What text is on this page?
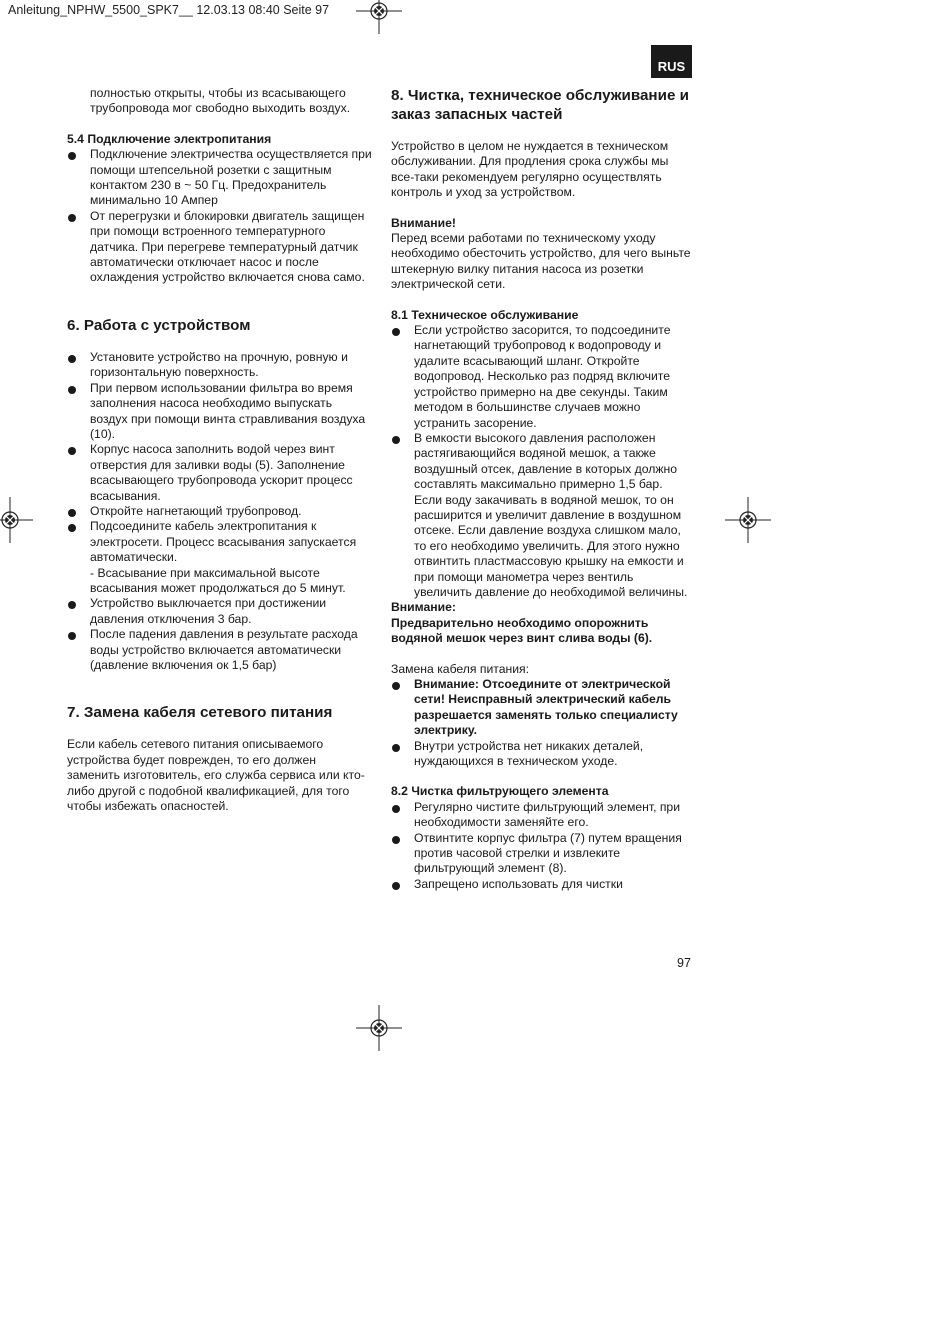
Anleitung_NPHW_5500_SPK7__ 12.03.13 08:40 Seite 97
RUS

полностью открыты, чтобы из всасывающего трубопровода мог свободно выходить воздух.

5.4 Подключение электропитания

Подключение электричества осуществляется при помощи штепсельной розетки с защитным контактом 230 в ~ 50 Гц. Предохранитель минимально 10 Ампер
От перегрузки и блокировки двигатель защищен при помощи встроенного температурного датчика. При перегреве температурный датчик автоматически отключает насос и после охлаждения устройство включается снова само.

6. Работа с устройством

Установите устройство на прочную, ровную и горизонтальную поверхность.
При первом использовании фильтра во время заполнения насоса необходимо выпускать воздух при помощи винта стравливания воздуха (10).
Корпус насоса заполнить водой через винт отверстия для заливки воды (5). Заполнение всасывающего трубопровода ускорит процесс всасывания.
Откройте нагнетающий трубопровод.
Подсоедините кабель электропитания к электросети. Процесс всасывания запускается автоматически.
- Всасывание при максимальной высоте всасывания может продолжаться до 5 минут.
Устройство выключается при достижении давления отключения 3 бар.
После падения давления в результате расхода воды устройство включается автоматически (давление включения ок 1,5 бар)

7. Замена кабеля сетевого питания

Если кабель сетевого питания описываемого устройства будет поврежден, то его должен заменить изготовитель, его служба сервиса или кто-либо другой с подобной квалификацией, для того чтобы избежать опасностей.

8. Чистка, техническое обслуживание и заказ запасных частей

Устройство в целом не нуждается в техническом обслуживании. Для продления срока службы мы все-таки рекомендуем регулярно осуществлять контроль и уход за устройством.

Внимание!

Перед всеми работами по техническому уходу необходимо обесточить устройство, для чего выньте штекерную вилку питания насоса из розетки электрической сети.

8.1 Техническое обслуживание

Если устройство засорится, то подсоедините нагнетающий трубопровод к водопроводу и удалите всасывающий шланг. Откройте водопровод. Несколько раз подряд включите устройство примерно на две секунды. Таким методом в большинстве случаев можно устранить засорение.
В емкости высокого давления расположен растягивающийся водяной мешок, а также воздушный отсек, давление в которых должно составлять максимально примерно 1,5 бар. Если воду закачивать в водяной мешок, то он расширится и увеличит давление в воздушном отсеке. Если давление воздуха слишком мало, то его необходимо увеличить. Для этого нужно отвинтить пластмассовую крышку на емкости и при помощи манометра через вентиль увеличить давление до необходимой величины.

Внимание:

Предварительно необходимо опорожнить водяной мешок через винт слива воды (6).

Замена кабеля питания:

Внимание: Отсоедините от электрической сети! Неисправный электрический кабель разрешается заменять только специалисту электрику.
Внутри устройства нет никаких деталей, нуждающихся в техническом уходе.

8.2 Чистка фильтрующего элемента

Регулярно чистите фильтрующий элемент, при необходимости заменяйте его.
Отвинтите корпус фильтра (7) путем вращения против часовой стрелки и извлеките фильтрующий элемент (8).
Запрещено использовать для чистки
97
